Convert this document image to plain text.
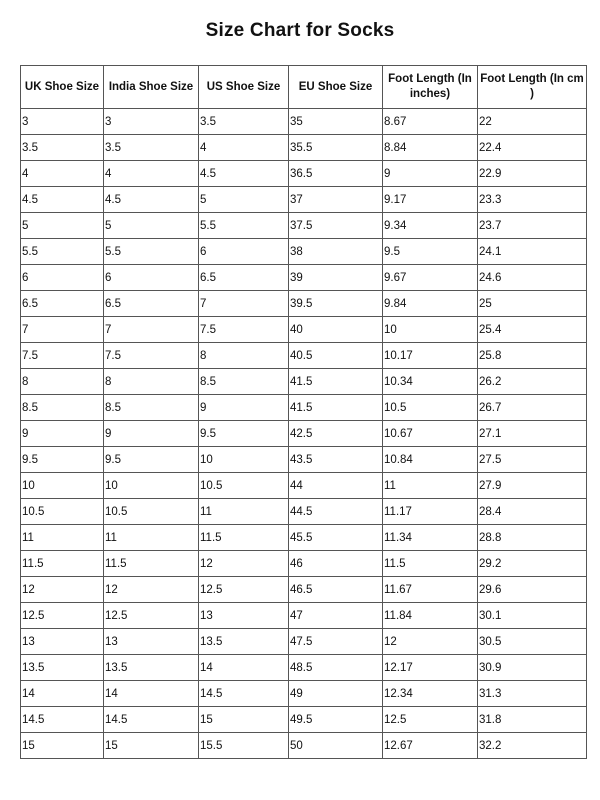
Size Chart for Socks
UK Shoe Size	India Shoe Size	US Shoe Size	EU Shoe Size	Foot Length (In inches)	Foot Length (In cm )
3	3	3.5	35	8.67	22
3.5	3.5	4	35.5	8.84	22.4
4	4	4.5	36.5	9	22.9
4.5	4.5	5	37	9.17	23.3
5	5	5.5	37.5	9.34	23.7
5.5	5.5	6	38	9.5	24.1
6	6	6.5	39	9.67	24.6
6.5	6.5	7	39.5	9.84	25
7	7	7.5	40	10	25.4
7.5	7.5	8	40.5	10.17	25.8
8	8	8.5	41.5	10.34	26.2
8.5	8.5	9	41.5	10.5	26.7
9	9	9.5	42.5	10.67	27.1
9.5	9.5	10	43.5	10.84	27.5
10	10	10.5	44	11	27.9
10.5	10.5	11	44.5	11.17	28.4
11	11	11.5	45.5	11.34	28.8
11.5	11.5	12	46	11.5	29.2
12	12	12.5	46.5	11.67	29.6
12.5	12.5	13	47	11.84	30.1
13	13	13.5	47.5	12	30.5
13.5	13.5	14	48.5	12.17	30.9
14	14	14.5	49	12.34	31.3
14.5	14.5	15	49.5	12.5	31.8
15	15	15.5	50	12.67	32.2
